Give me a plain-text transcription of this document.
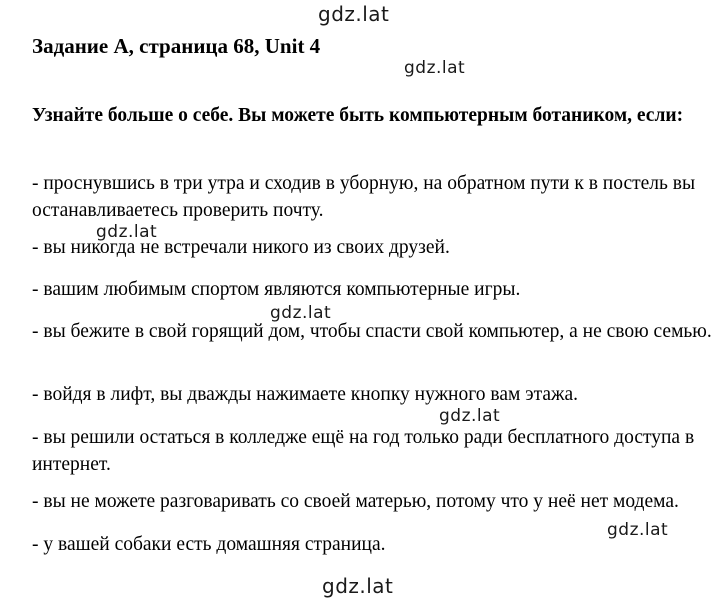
gdz.lat
Задание A, страница 68, Unit 4
gdz.lat
Узнайте больше о себе. Вы можете быть компьютерным ботаником, если:
- проснувшись в три утра и сходив в уборную, на обратном пути к в постель вы останавливаетесь проверить почту.
gdz.lat
- вы никогда не встречали никого из своих друзей.
- вашим любимым спортом являются компьютерные игры.
gdz.lat
- вы бежите в свой горящий дом, чтобы спасти свой компьютер, а не свою семью.
- войдя в лифт, вы дважды нажимаете кнопку нужного вам этажа.
gdz.lat
- вы решили остаться в колледже ещё на год только ради бесплатного доступа в интернет.
- вы не можете разговаривать со своей матерью, потому что у неё нет модема.
gdz.lat
- у вашей собаки есть домашняя страница.
gdz.lat
